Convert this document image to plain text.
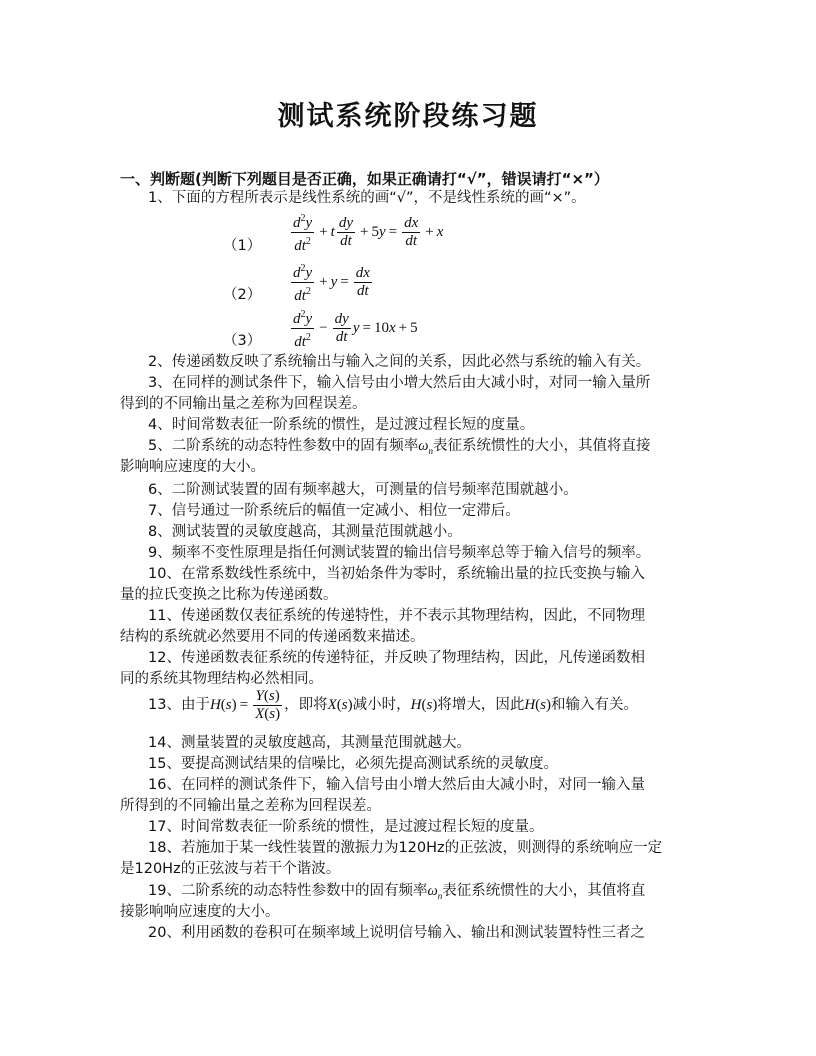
测试系统阶段练习题
一、判断题(判断下列题目是否正确，如果正确请打“√”，错误请打“×”）
1、下面的方程所表示是线性系统的画“√”，不是线性系统的画“×”。
$(1) \frac{d^2y}{dt^2} + t \frac{dy}{dt} + 5y = \frac{dx}{dt} + x$
$(2) \frac{d^2y}{dt^2} + y = \frac{dx}{dt}$
$(3) \frac{d^2y}{dt^2} - \frac{dy}{dt}$ y = 10x + 5
2、传递函数反映了系统输出与输入之间的关系，因此必然与系统的输入有关。
3、在同样的测试条件下，输入信号由小增大然后由大减小时，对同一输入量所
得到的不同输出量之差称为回程误差。
4、时间常数表征一阶系统的惯性，是过渡过程长短的度量。
5、二阶系统的动态特性参数中的固有频率$\omega_n$表征系统惯性的大小，其值将直接
影响响应速度的大小。
6、二阶测试装置的固有频率越大，可测量的信号频率范围就越小。
7、信号通过一阶系统后的幅值一定减小、相位一定滞后。
8、测试装置的灵敏度越高，其测量范围就越小。
9、频率不变性原理是指任何测试装置的输出信号频率总等于输入信号的频率。
10、在常系数线性系统中，当初始条件为零时，系统输出量的拉氏变换与输入
量的拉氏变换之比称为传递函数。
11、传递函数仅表征系统的传递特性，并不表示其物理结构，因此，不同物理
结构的系统就必然要用不同的传递函数来描述。
12、传递函数表征系统的传递特征，并反映了物理结构，因此，凡传递函数相
同的系统其物理结构必然相同。
13、由于$H(s) = \frac{Y(s)}{X(s)}$ ，即将X(s)减小时，H(s)将增大，因此H(s)和输入有关。
14、测量装置的灵敏度越高，其测量范围就越大。
15、要提高测试结果的信噪比，必须先提高测试系统的灵敏度。
16、在同样的测试条件下，输入信号由小增大然后由大减小时，对同一输入量
所得到的不同输出量之差称为回程误差。
17、时间常数表征一阶系统的惯性，是过渡过程长短的度量。
18、若施加于某一线性装置的激振力为120Hz的正弦波，则测得的系统响应一定
是120Hz的正弦波与若干个谐波。
19、二阶系统的动态特性参数中的固有频率$\omega_n$表征系统惯性的大小，其值将直
接影响响应速度的大小。
20、利用函数的卷积可在频率域上说明信号输入、输出和测试装置特性三者之
